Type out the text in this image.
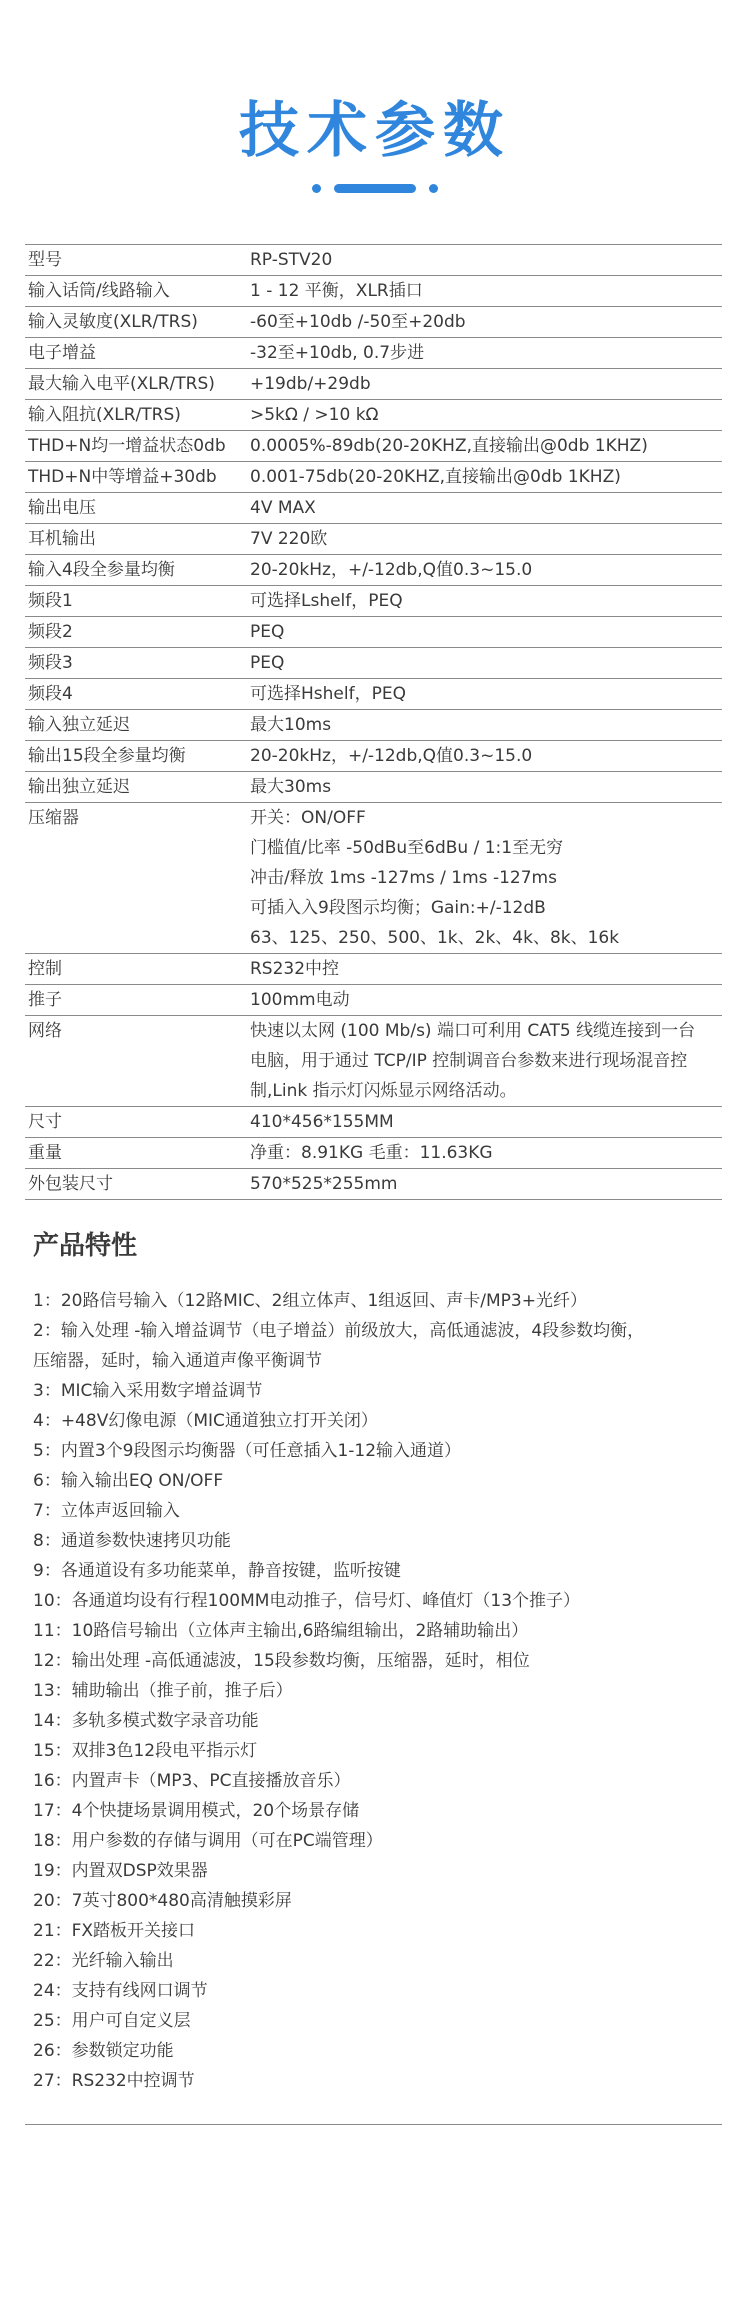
技术参数
型号	RP-STV20
输入话筒/线路输入	1 - 12 平衡，XLR插口
输入灵敏度(XLR/TRS)	-60至+10db /-50至+20db
电子增益	-32至+10db, 0.7步进
最大输入电平(XLR/TRS)	+19db/+29db
输入阻抗(XLR/TRS)	>5kΩ / >10 kΩ
THD+N均一增益状态0db	0.0005%-89db(20-20KHZ,直接输出@0db 1KHZ)
THD+N中等增益+30db	0.001-75db(20-20KHZ,直接输出@0db 1KHZ)
输出电压	4V MAX
耳机输出	7V 220欧
输入4段全参量均衡	20-20kHz，+/-12db,Q值0.3~15.0
频段1	可选择Lshelf，PEQ
频段2	PEQ
频段3	PEQ
频段4	可选择Hshelf，PEQ
输入独立延迟	最大10ms
输出15段全参量均衡	20-20kHz，+/-12db,Q值0.3~15.0
输出独立延迟	最大30ms
压缩器	开关：ON/OFF
门槛值/比率 -50dBu至6dBu / 1:1至无穷
冲击/释放 1ms -127ms / 1ms -127ms
可插入入9段图示均衡；Gain:+/-12dB
63、125、250、500、1k、2k、4k、8k、16k
控制	RS232中控
推子	100mm电动
网络	快速以太网 (100 Mb/s) 端口可利用 CAT5 线缆连接到一台
电脑，用于通过 TCP/IP 控制调音台参数来进行现场混音控
制,Link 指示灯闪烁显示网络活动。
尺寸	410*456*155MM
重量	净重：8.91KG 毛重：11.63KG
外包装尺寸	570*525*255mm
产品特性
1：20路信号输入（12路MIC、2组立体声、1组返回、声卡/MP3+光纤）
2：输入处理 -输入增益调节（电子增益）前级放大，高低通滤波，4段参数均衡，
压缩器，延时，输入通道声像平衡调节
3：MIC输入采用数字增益调节
4：+48V幻像电源（MIC通道独立打开关闭）
5：内置3个9段图示均衡器（可任意插入1-12输入通道）
6：输入输出EQ ON/OFF
7：立体声返回输入
8：通道参数快速拷贝功能
9：各通道设有多功能菜单，静音按键，监听按键
10：各通道均设有行程100MM电动推子，信号灯、峰值灯（13个推子）
11：10路信号输出（立体声主输出,6路编组输出，2路辅助输出）
12：输出处理 -高低通滤波，15段参数均衡，压缩器，延时，相位
13：辅助输出（推子前，推子后）
14：多轨多模式数字录音功能
15：双排3色12段电平指示灯
16：内置声卡（MP3、PC直接播放音乐）
17：4个快捷场景调用模式，20个场景存储
18：用户参数的存储与调用（可在PC端管理）
19：内置双DSP效果器
20：7英寸800*480高清触摸彩屏
21：FX踏板开关接口
22：光纤输入输出
24：支持有线网口调节
25：用户可自定义层
26：参数锁定功能
27：RS232中控调节
